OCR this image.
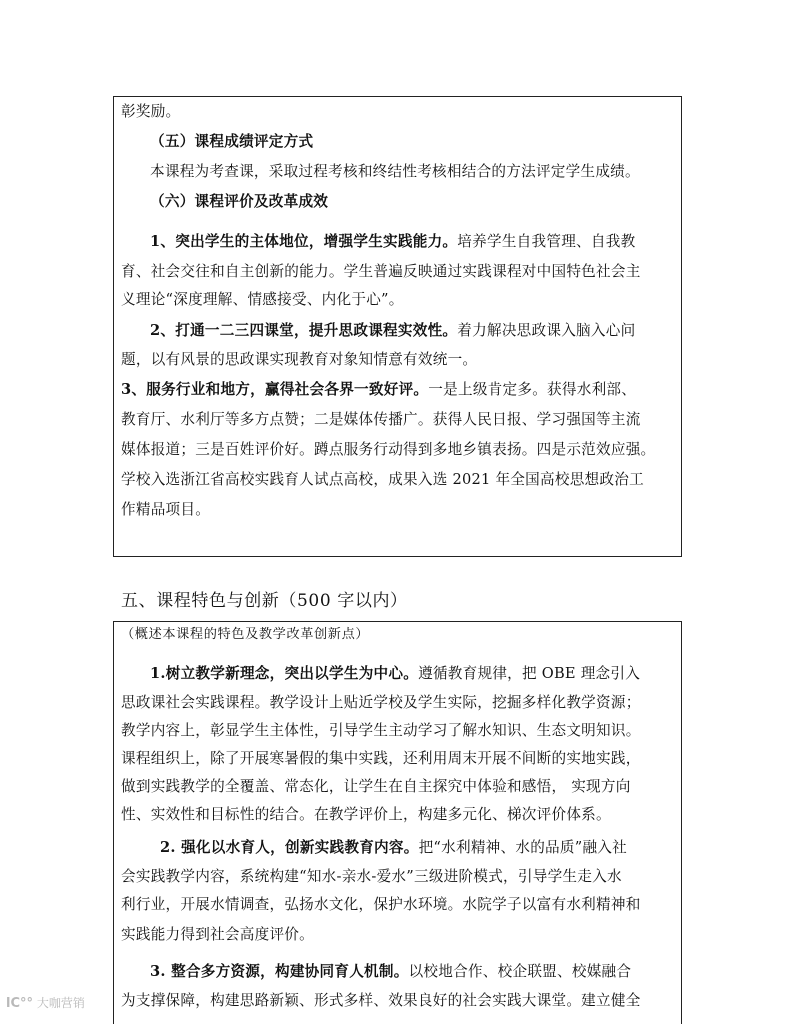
五、课程特色与创新（500 字以内）
彰奖励。
（五）课程成绩评定方式
本课程为考查课，采取过程考核和终结性考核相结合的方法评定学生成绩。
（六）课程评价及改革成效
1、突出学生的主体地位，增强学生实践能力。培养学生自我管理、自我教
育、社会交往和自主创新的能力。学生普遍反映通过实践课程对中国特色社会主
义理论“深度理解、情感接受、内化于心”。
2、打通一二三四课堂，提升思政课程实效性。着力解决思政课入脑入心问
题，以有风景的思政课实现教育对象知情意有效统一。
3、服务行业和地方，赢得社会各界一致好评。一是上级肯定多。获得水利部、
教育厅、水利厅等多方点赞；二是媒体传播广。获得人民日报、学习强国等主流
媒体报道；三是百姓评价好。蹲点服务行动得到多地乡镇表扬。四是示范效应强。
学校入选浙江省高校实践育人试点高校，成果入选 2021 年全国高校思想政治工
作精品项目。
1.树立教学新理念，突出以学生为中心。遵循教育规律，把 OBE 理念引入
思政课社会实践课程。教学设计上贴近学校及学生实际，挖掘多样化教学资源；
教学内容上，彰显学生主体性，引导学生主动学习了解水知识、生态文明知识。
课程组织上，除了开展寒暑假的集中实践，还利用周末开展不间断的实地实践，
做到实践教学的全覆盖、常态化，让学生在自主探究中体验和感悟， 实现方向
性、实效性和目标性的结合。在教学评价上，构建多元化、梯次评价体系。
2. 强化以水育人，创新实践教育内容。把“水利精神、水的品质”融入社
会实践教学内容，系统构建“知水-亲水-爱水”三级进阶模式，引导学生走入水
利行业，开展水情调查，弘扬水文化，保护水环境。水院学子以富有水利精神和
实践能力得到社会高度评价。
3. 整合多方资源，构建协同育人机制。以校地合作、校企联盟、校媒融合
为支撑保障，构建思路新颖、形式多样、效果良好的社会实践大课堂。建立健全
lC°° 大咖营销
（概述本课程的特色及教学改革创新点）
